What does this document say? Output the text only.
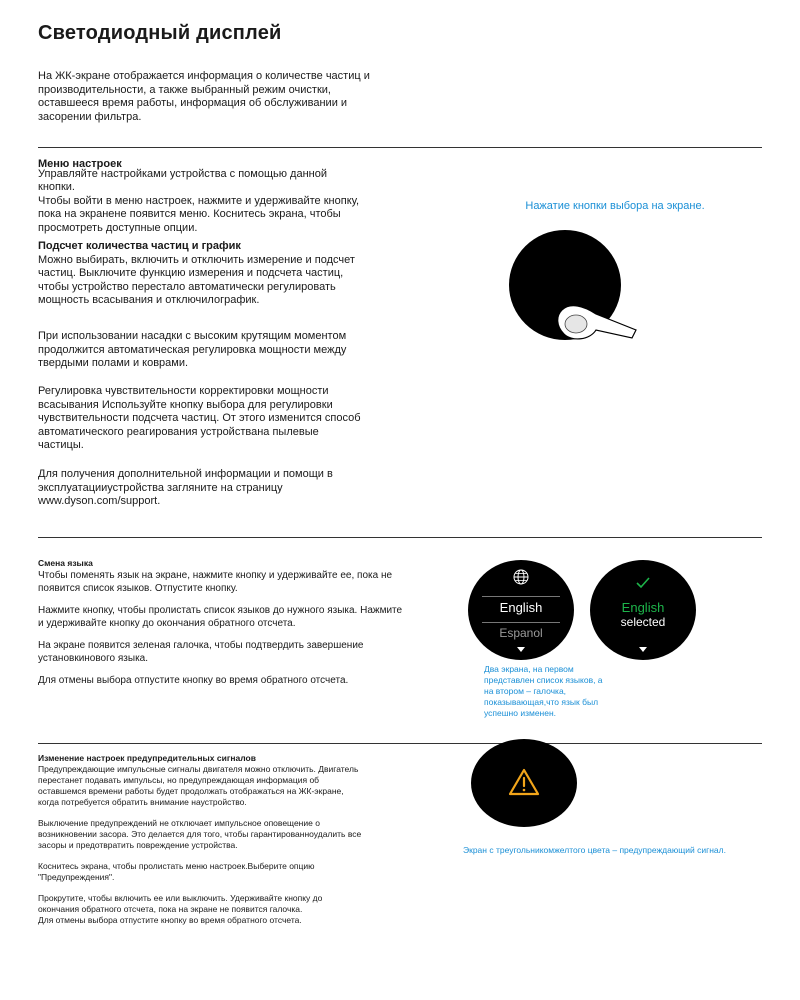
Светодиодный дисплей

На ЖК-экране отображается информация о количестве частиц и

производительности, а также выбранный режим очистки,

оставшееся время работы, информация об обслуживании и

засорении фильтра.

Меню настроек

Управляйте настройками устройства с помощью данной

кнопки.

Чтобы войти в меню настроек, нажмите и удерживайте кнопку,

пока на экранене появится меню. Коснитесь экрана, чтобы

просмотреть доступные опции.

Подсчет количества частиц и график

Можно выбирать, включить и отключить измерение и подсчет

частиц. Выключите функцию измерения и подсчета частиц,

чтобы устройство перестало автоматически регулировать

мощность всасывания и отключилографик.

При использовании насадки с высоким крутящим моментом

продолжится автоматическая регулировка мощности между

твердыми полами и коврами.

Регулировка чувствительности корректировки мощности

всасывания Используйте кнопку выбора для регулировки

чувствительности подсчета частиц. От этого изменится способ

автоматического реагирования устройствана пылевые

частицы.

Для получения дополнительной информации и помощи в

эксплуатацииустройства загляните на страницу

www.dyson.com/support.

Нажатие кнопки выбора на экране.

Смена языка

Чтобы поменять язык на экране, нажмите кнопку и удерживайте ее, пока не

появится список языков. Отпустите кнопку.

Нажмите кнопку, чтобы пролистать список языков до нужного языка. Нажмите

и удерживайте кнопку до окончания обратного отсчета.

На экране появится зеленая галочка, чтобы подтвердить завершение

установкинового языка.

Для отмены выбора отпустите кнопку во время обратного отсчета.

English
Espanol
English
selected

Два экрана, на первом

представлен список языков, а

на втором – галочка,

показывающая,что язык был

успешно изменен.

Изменение настроек предупредительных сигналов

Предупреждающие импульсные сигналы двигателя можно отключить. Двигатель

перестанет подавать импульсы, но предупреждающая информация об

оставшемся времени работы будет продолжать отображаться на ЖК-экране,

когда потребуется обратить внимание наустройство.

Выключение предупреждений не отключает импульсное оповещение о

возникновении засора. Это делается для того, чтобы гарантированноудалить все

засоры и предотвратить повреждение устройства.

Коснитесь экрана, чтобы пролистать меню настроек.Выберите опцию

"Предупреждения".

Прокрутите, чтобы включить ее или выключить. Удерживайте кнопку до

окончания обратного отсчета, пока на экране не появится галочка.

Для отмены выбора отпустите кнопку во время обратного отсчета.

Экран с треугольникомжелтого цвета – предупреждающий сигнал.
